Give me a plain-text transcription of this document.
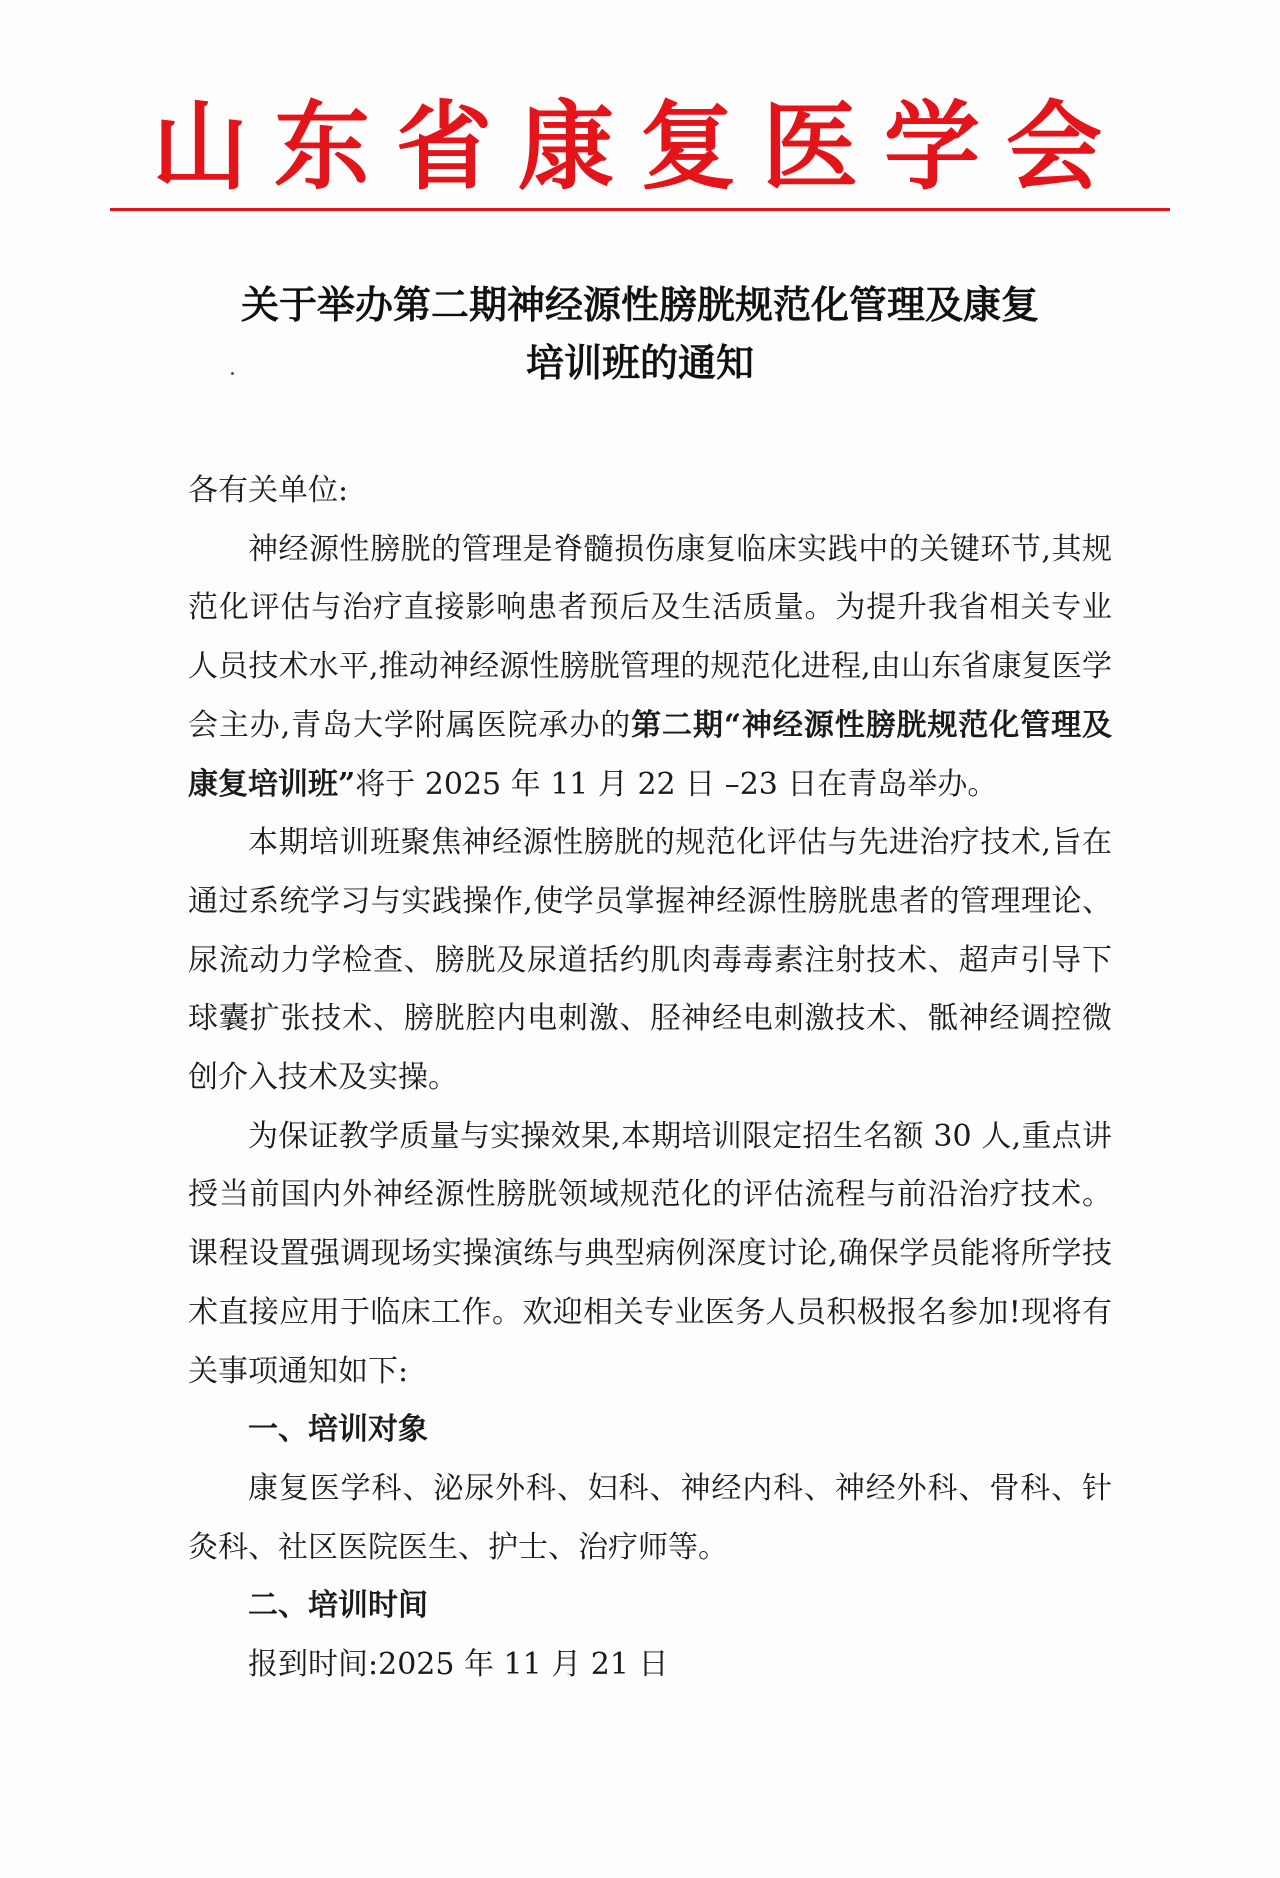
山东省康复医学会
关于举办第二期神经源性膀胱规范化管理及康复
培训班的通知

各有关单位:

神经源性膀胱的管理是脊髓损伤康复临床实践中的关键环节,其规范化评估与治疗直接影响患者预后及生活质量。为提升我省相关专业人员技术水平,推动神经源性膀胱管理的规范化进程,由山东省康复医学会主办,青岛大学附属医院承办的第二期“神经源性膀胱规范化管理及康复培训班”将于 2025 年 11 月 22 日 –23 日在青岛举办。

本期培训班聚焦神经源性膀胱的规范化评估与先进治疗技术,旨在通过系统学习与实践操作,使学员掌握神经源性膀胱患者的管理理论、尿流动力学检查、膀胱及尿道括约肌肉毒毒素注射技术、超声引导下球囊扩张技术、膀胱腔内电刺激、胫神经电刺激技术、骶神经调控微创介入技术及实操。

为保证教学质量与实操效果,本期培训限定招生名额 30 人,重点讲授当前国内外神经源性膀胱领域规范化的评估流程与前沿治疗技术。课程设置强调现场实操演练与典型病例深度讨论,确保学员能将所学技术直接应用于临床工作。欢迎相关专业医务人员积极报名参加!现将有关事项通知如下:

一、培训对象

康复医学科、泌尿外科、妇科、神经内科、神经外科、骨科、针灸科、社区医院医生、护士、治疗师等。

二、培训时间

报到时间:2025 年 11 月 21 日
